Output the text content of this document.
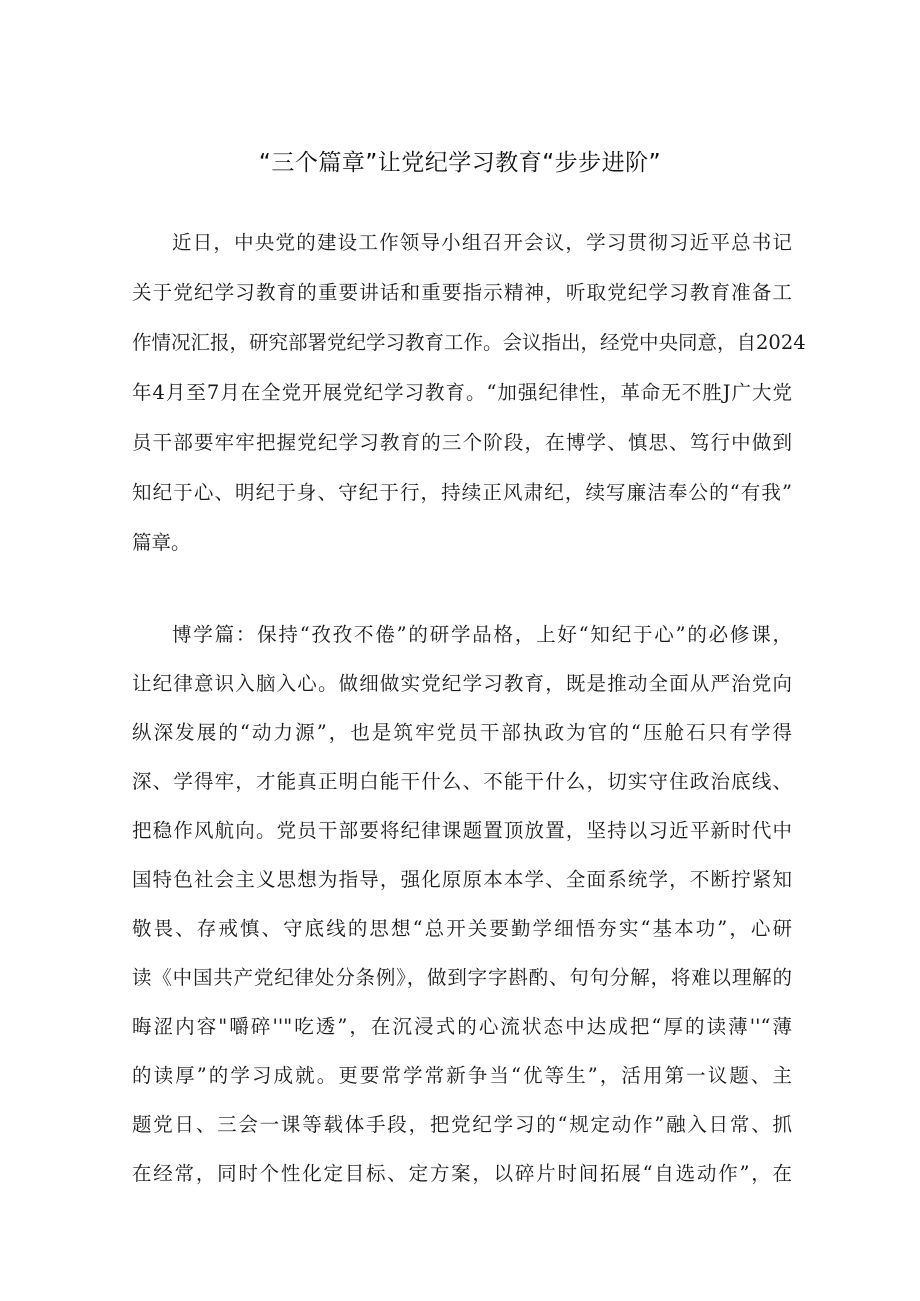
“三个篇章”让党纪学习教育“步步进阶”
近日，中央党的建设工作领导小组召开会议，学习贯彻习近平总书记
关于党纪学习教育的重要讲话和重要指示精神，听取党纪学习教育准备工
作情况汇报，研究部署党纪学习教育工作。会议指出，经党中央同意，自2024
年4月至7月在全党开展党纪学习教育。“加强纪律性，革命无不胜J广大党
员干部要牢牢把握党纪学习教育的三个阶段，在博学、慎思、笃行中做到
知纪于心、明纪于身、守纪于行，持续正风肃纪，续写廉洁奉公的“有我”
篇章。
博学篇：保持“孜孜不倦”的研学品格，上好“知纪于心”的必修课，
让纪律意识入脑入心。做细做实党纪学习教育，既是推动全面从严治党向
纵深发展的“动力源”，也是筑牢党员干部执政为官的“压舱石只有学得
深、学得牢，才能真正明白能干什么、不能干什么，切实守住政治底线、
把稳作风航向。党员干部要将纪律课题置顶放置，坚持以习近平新时代中
国特色社会主义思想为指导，强化原原本本学、全面系统学，不断拧紧知
敬畏、存戒慎、守底线的思想“总开关要勤学细悟夯实“基本功”，心研
读《中国共产党纪律处分条例》，做到字字斟酌、句句分解，将难以理解的
晦涩内容"嚼碎''"吃透”，在沉浸式的心流状态中达成把“厚的读薄''“薄
的读厚”的学习成就。更要常学常新争当“优等生”，活用第一议题、主
题党日、三会一课等载体手段，把党纪学习的“规定动作”融入日常、抓
在经常，同时个性化定目标、定方案，以碎片时间拓展“自选动作”，在
